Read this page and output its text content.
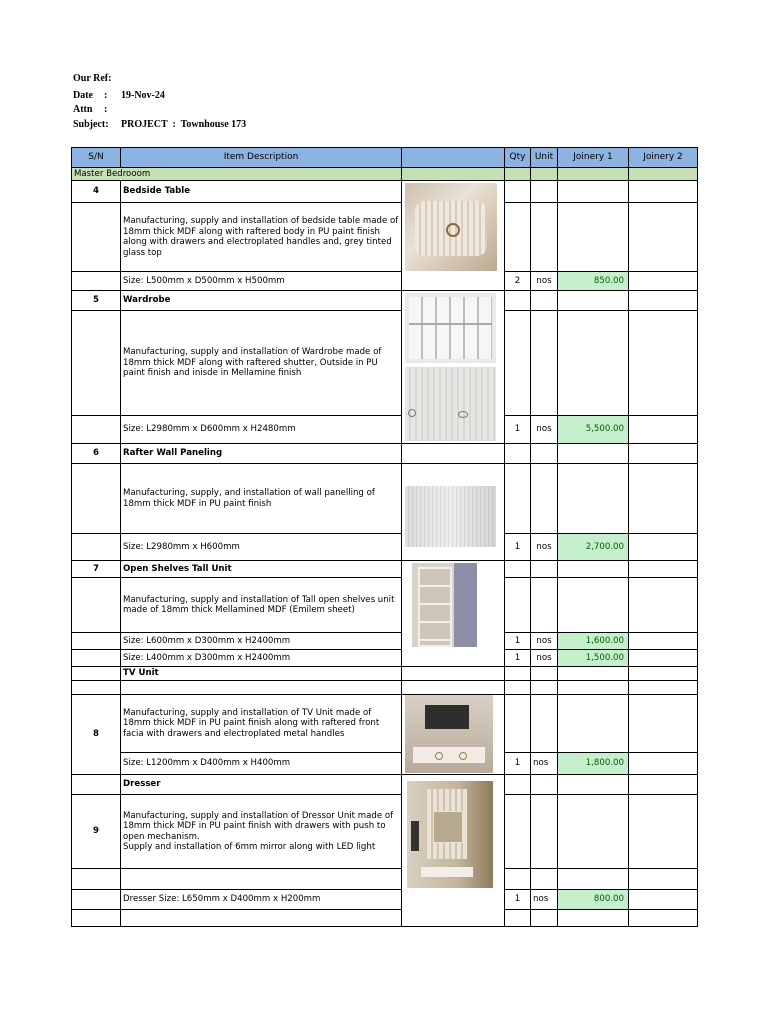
Our Ref:
Date : 19-Nov-24
Attn :
Subject: PROJECT  :  Townhouse 173
S/N	Item Description		Qty	Unit	Joinery 1	Joinery 2
Master Bedrooom						
4	Bedside Table	

	Manufacturing, supply and installation of bedside table made of 18mm thick MDF along with raftered body in PU paint finish along with drawers and electroplated handles and, grey tinted glass top					
	Size: L500mm x D500mm x H500mm		2	nos	850.00	
5	Wardrobe	

	Manufacturing, supply and installation of Wardrobe made of 18mm thick MDF along with raftered shutter, Outside in PU paint finish and inisde in Mellamine finish					
	Size: L2980mm x D600mm x H2480mm		1	nos	5,500.00	
6	Rafter Wall Paneling					
	Manufacturing, supply, and installation of wall panelling of 18mm thick MDF in PU paint finish	

	Size: L2980mm x H600mm		1	nos	2,700.00	
7	Open Shelves Tall Unit	

	Manufacturing, supply and installation of Tall open shelves unit made of 18mm thick Mellamined MDF (Emilem sheet)					
	Size: L600mm x D300mm x H2400mm		1	nos	1,600.00	
	Size: L400mm x D300mm x H2400mm		1	nos	1,500.00	
	TV Unit					

8	Manufacturing, supply and installation of TV Unit made of 18mm thick MDF in PU paint finish along with raftered front facia with drawers and electroplated metal handles	

	Size: L1200mm x D400mm x H400mm		1	nos	1,800.00	
	Dresser	

9	Manufacturing, supply and installation of Dressor Unit made of 18mm thick MDF in PU paint finish with drawers with push to open mechanism.
Supply and installation of 6mm mirror along with LED light					

	Dresser Size: L650mm x D400mm x H200mm		1	nos	800.00	
